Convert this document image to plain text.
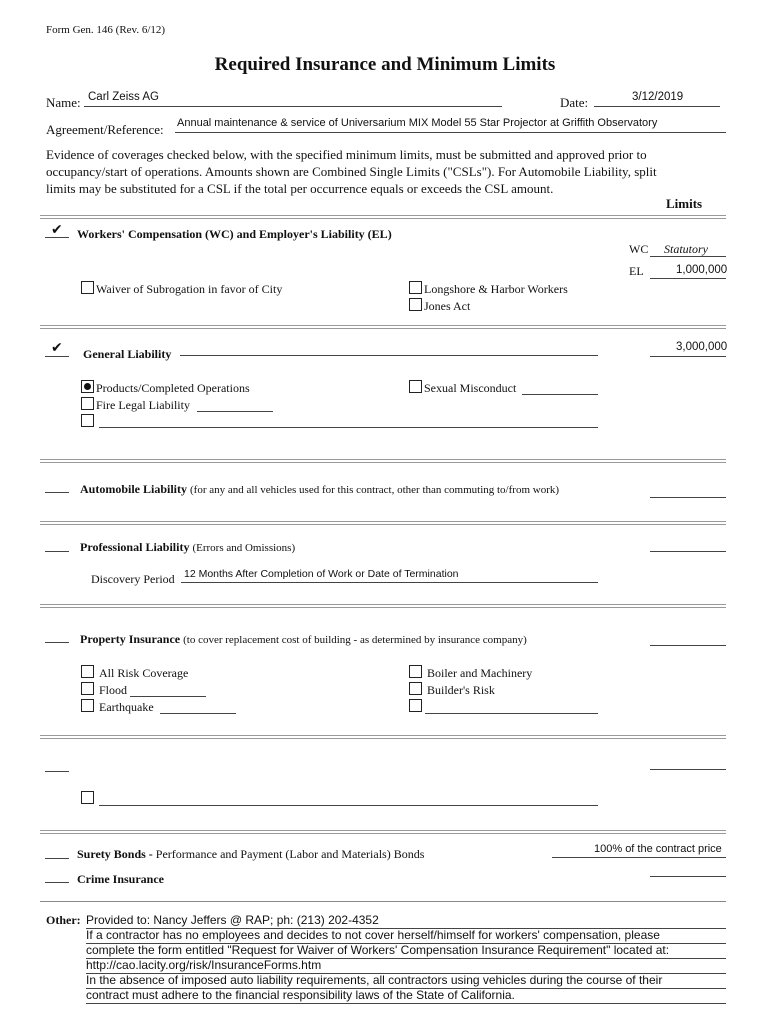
Form Gen. 146 (Rev. 6/12)
Required Insurance and Minimum Limits
Name: Carl Zeiss AG	Date:	3/12/2019
Agreement/Reference: Annual maintenance & service of Universarium MIX Model 55 Star Projector at Griffith Observatory
Evidence of coverages checked below, with the specified minimum limits, must be submitted and approved prior to
occupancy/start of operations. Amounts shown are Combined Single Limits ("CSLs"). For Automobile Liability, split
limits may be substituted for a CSL if the total per occurrence equals or exceeds the CSL amount.
Limits
✔ Workers' Compensation (WC) and Employer's Liability (EL)
WC Statutory
EL	1,000,000
Waiver of Subrogation in favor of City	Longshore & Harbor Workers
Jones Act
✔ General Liability	3,000,000
Products/Completed Operations	Sexual Misconduct
Fire Legal Liability
Automobile Liability (for any and all vehicles used for this contract, other than commuting to/from work)
Professional Liability (Errors and Omissions)
Discovery Period 12 Months After Completion of Work or Date of Termination
Property Insurance (to cover replacement cost of building - as determined by insurance company)
All Risk Coverage
Flood
Earthquake
Boiler and Machinery
Builder's Risk
Surety Bonds - Performance and Payment (Labor and Materials) Bonds	100% of the contract price
Crime Insurance
Other: Provided to: Nancy Jeffers @ RAP; ph: (213) 202-4352
If a contractor has no employees and decides to not cover herself/himself for workers' compensation, please
complete the form entitled "Request for Waiver of Workers' Compensation Insurance Requirement" located at:
http://cao.lacity.org/risk/InsuranceForms.htm
In the absence of imposed auto liability requirements, all contractors using vehicles during the course of their
contract must adhere to the financial responsibility laws of the State of California.
